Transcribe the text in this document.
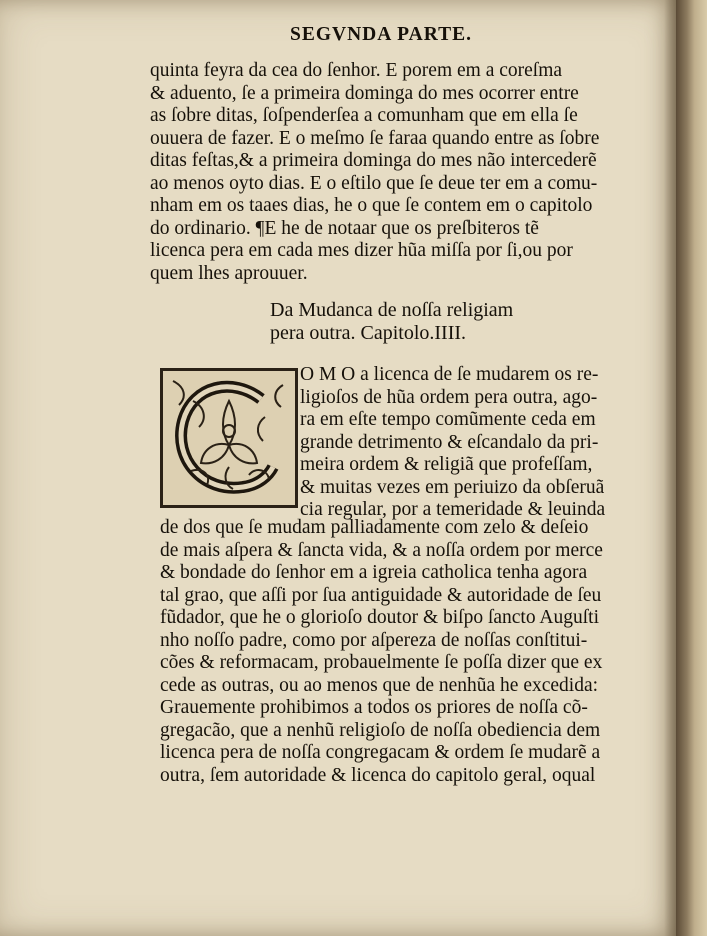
SEGVNDA PARTE.
quinta feyra da cea do ſenhor. E porem em a coreſma
& aduento, ſe a primeira dominga do mes ocorrer entre
as ſobre ditas, ſoſpenderſea a comunham que em ella ſe
ouuera de fazer. E o meſmo ſe faraa quando entre as ſobre
ditas feſtas,& a primeira dominga do mes não intercederẽ
ao menos oyto dias. E o eſtilo que ſe deue ter em a comu-
nham em os taaes dias, he o que ſe contem em o capitolo
do ordinario. ¶E he de notaar que os preſbiteros tẽ
licenca pera em cada mes dizer hũa miſſa por ſi,ou por
quem lhes aprouuer.
Da Mudanca de noſſa religiam
pera outra. Capitolo.IIII.
O M O a licenca de ſe mudarem os re-
ligioſos de hũa ordem pera outra, ago-
ra em eſte tempo comũmente ceda em
grande detrimento & eſcandalo da pri-
meira ordem & religiã que profeſſam,
& muitas vezes em periuizo da obſeruã
cia regular, por a temeridade & leuinda
de dos que ſe mudam palliadamente com zelo & deſeio
de mais aſpera & ſancta vida, & a noſſa ordem por merce
& bondade do ſenhor em a igreia catholica tenha agora
tal grao, que aſſi por ſua antiguidade & autoridade de ſeu
fũdador, que he o glorioſo doutor & biſpo ſancto Auguſti
nho noſſo padre, como por aſpereza de noſſas conſtitui-
cões & reformacam, probauelmente ſe poſſa dizer que ex
cede as outras, ou ao menos que de nenhũa he excedida:
Grauemente prohibimos a todos os priores de noſſa cõ-
gregacão, que a nenhũ religioſo de noſſa obediencia dem
licenca pera de noſſa congregacam & ordem ſe mudarẽ a
outra, ſem autoridade & licenca do capitolo geral, oqual
